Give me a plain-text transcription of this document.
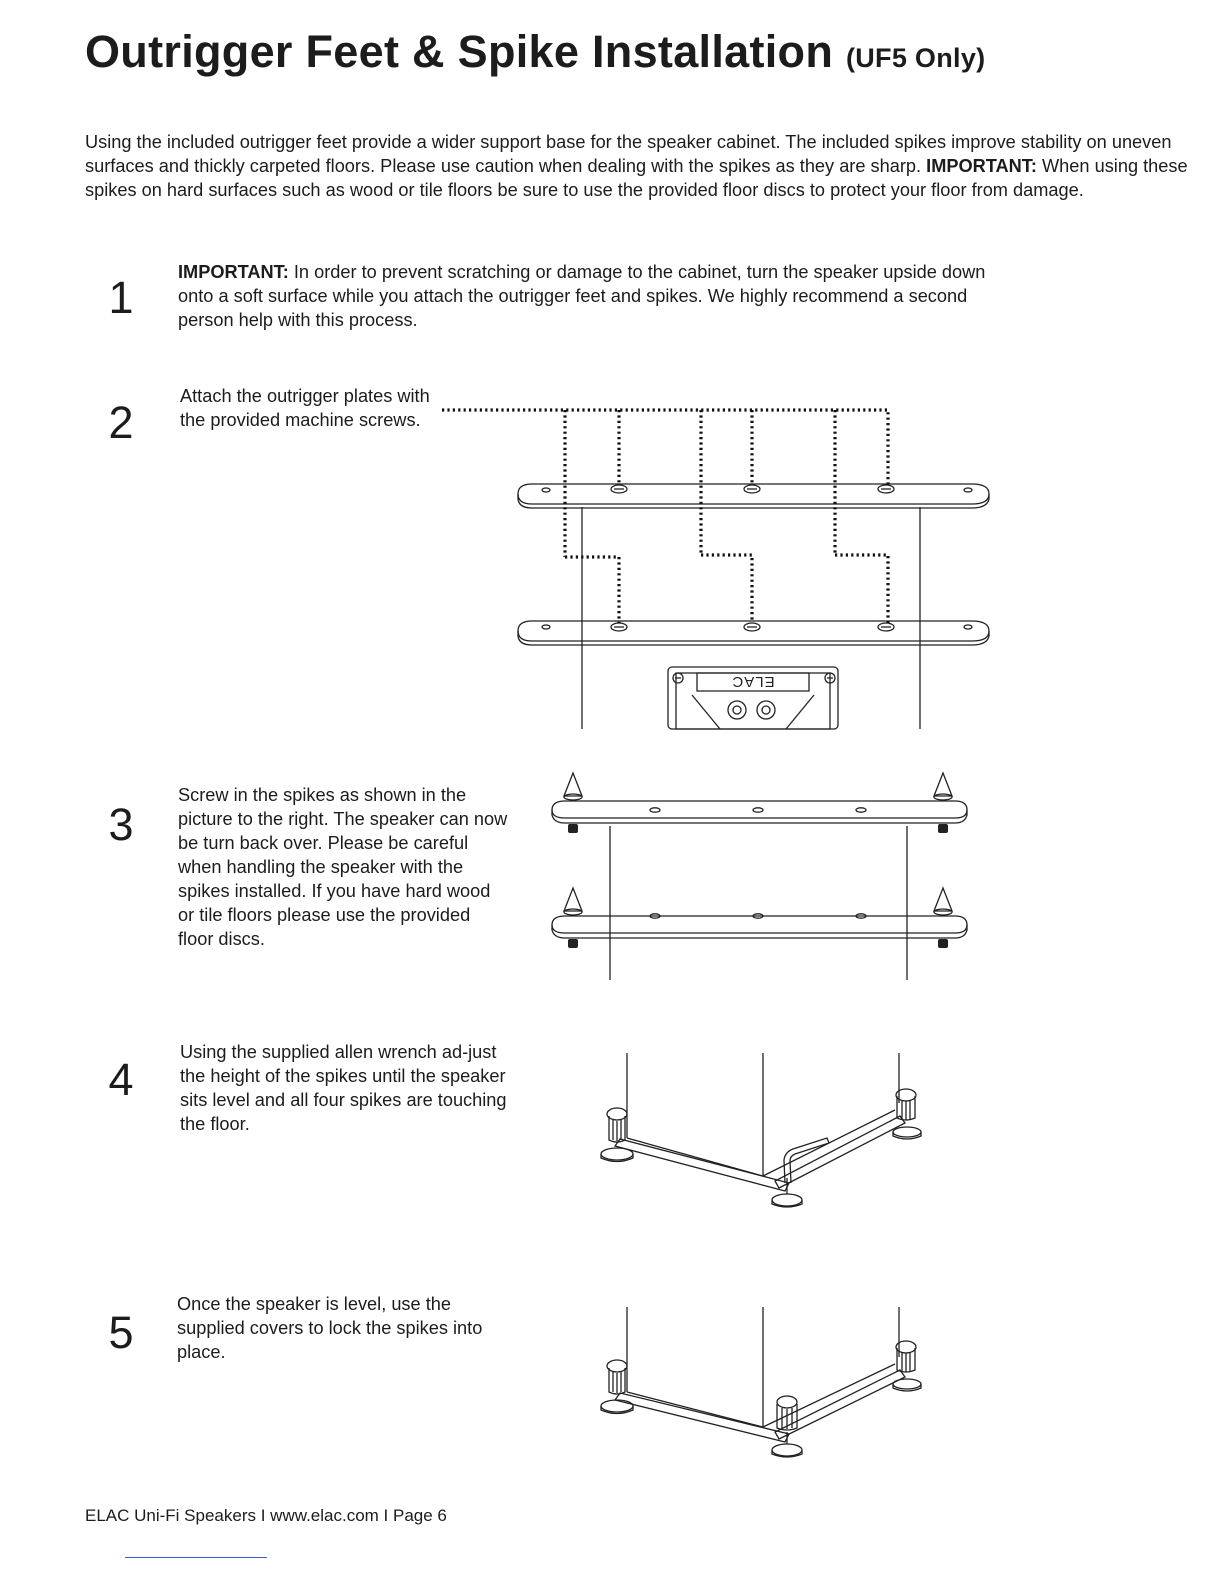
Outrigger Feet & Spike Installation (UF5 Only)
Using the included outrigger feet provide a wider support base for the speaker cabinet. The included spikes improve stability on uneven surfaces and thickly carpeted floors. Please use caution when dealing with the spikes as they are sharp. IMPORTANT: When using these spikes on hard surfaces such as wood or tile floors be sure to use the provided floor discs to protect your floor from damage.
1	IMPORTANT: In order to prevent scratching or damage to the cabinet, turn the speaker upside down onto a soft surface while you attach the outrigger feet and spikes. We highly recommend a second person help with this process.
2
Attach the outrigger plates with the provided machine screws.
ELAC
3
Screw in the spikes as shown in the picture to the right. The speaker can now be turn back over. Please be careful when handling the speaker with the spikes installed. If you have hard wood or tile floors please use the provided floor discs.
4
Using the supplied allen wrench ad-just the height of the spikes until the speaker sits level and all four spikes are touching the floor.
5
Once the speaker is level, use the supplied covers to lock the spikes into place.
ELAC Uni-Fi Speakers I www.elac.com I Page 6
